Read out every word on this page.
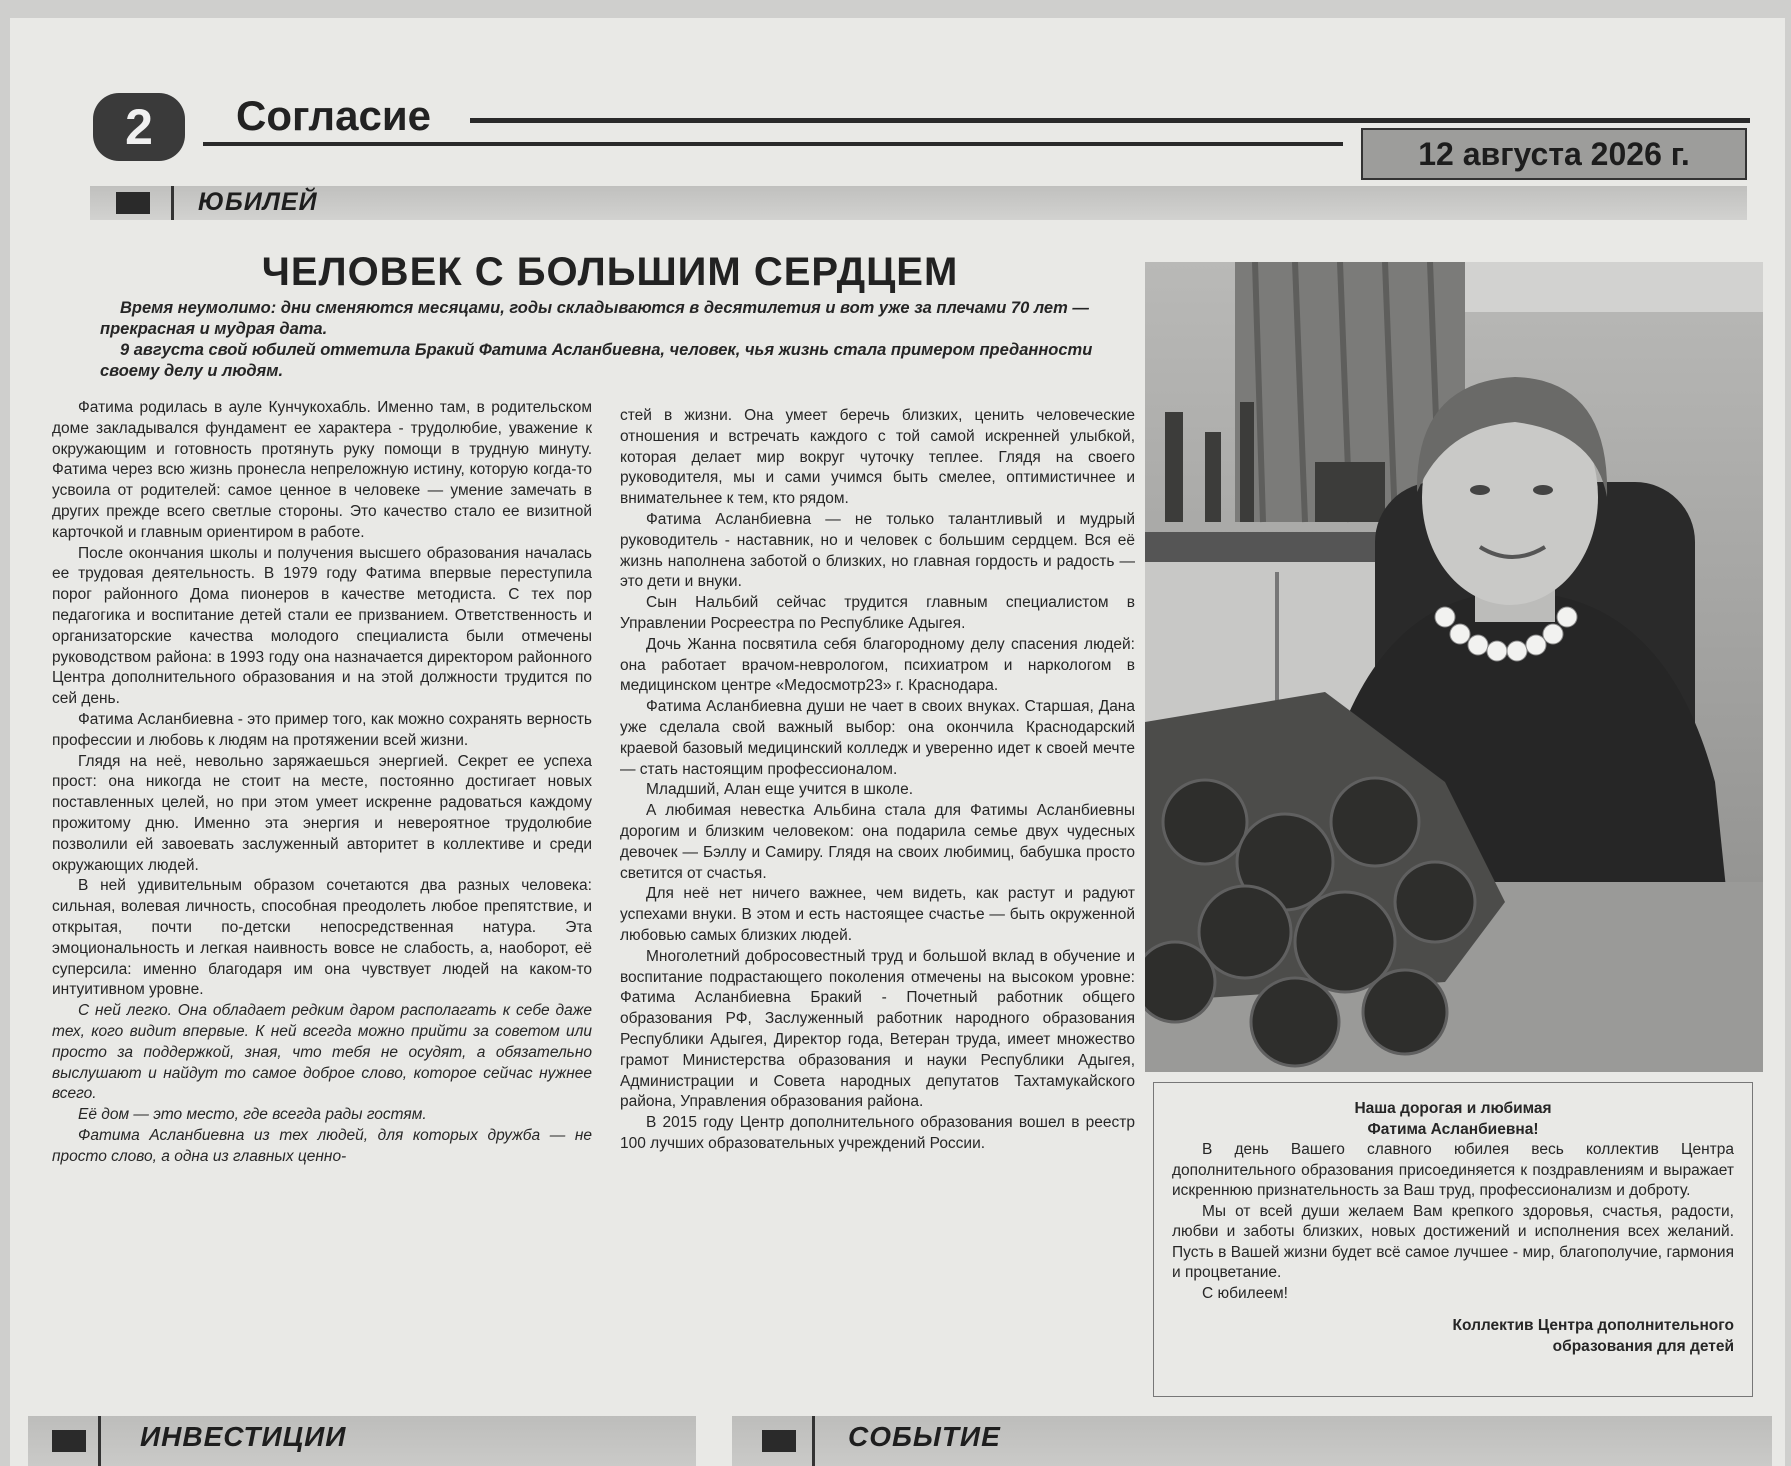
2	Согласие
12 августа 2026 г.
ЮБИЛЕЙ
ЧЕЛОВЕК С БОЛЬШИМ СЕРДЦЕМ

Время неумолимо: дни сменяются месяцами, годы складываются в десятилетия и вот уже за плечами 70 лет — прекрасная и мудрая дата.

9 августа свой юбилей отметила Бракий Фатима Асланбиевна, человек, чья жизнь стала примером преданности своему делу и людям.

Фатима родилась в ауле Кунчукохабль. Именно там, в родительском доме закладывался фундамент ее характера - трудолюбие, уважение к окружающим и готовность протянуть руку помощи в трудную минуту. Фатима через всю жизнь пронесла непреложную истину, которую когда-то усвоила от родителей: самое ценное в человеке — умение замечать в других прежде всего светлые стороны. Это качество стало ее визитной карточкой и главным ориентиром в работе.

После окончания школы и получения высшего образования началась ее трудовая деятельность. В 1979 году Фатима впервые переступила порог районного Дома пионеров в качестве методиста. С тех пор педагогика и воспитание детей стали ее призванием. Ответственность и организаторские качества молодого специалиста были отмечены руководством района: в 1993 году она назначается директором районного Центра дополнительного образования и на этой должности трудится по сей день.

Фатима Асланбиевна - это пример того, как можно сохранять верность профессии и любовь к людям на протяжении всей жизни.

Глядя на неё, невольно заряжаешься энергией. Секрет ее успеха прост: она никогда не стоит на месте, постоянно достигает новых поставленных целей, но при этом умеет искренне радоваться каждому прожитому дню. Именно эта энергия и невероятное трудолюбие позволили ей завоевать заслуженный авторитет в коллективе и среди окружающих людей.

В ней удивительным образом сочетаются два разных человека: сильная, волевая личность, способная преодолеть любое препятствие, и открытая, почти по-детски непосредственная натура. Эта эмоциональность и легкая наивность вовсе не слабость, а, наоборот, её суперсила: именно благодаря им она чувствует людей на каком-то интуитивном уровне.

С ней легко. Она обладает редким даром располагать к себе даже тех, кого видит впервые. К ней всегда можно прийти за советом или просто за поддержкой, зная, что тебя не осудят, а обязательно выслушают и найдут то самое доброе слово, которое сейчас нужнее всего.

Её дом — это место, где всегда рады гостям.

Фатима Асланбиевна из тех людей, для которых дружба — не просто слово, а одна из главных ценно-

стей в жизни. Она умеет беречь близких, ценить человеческие отношения и встречать каждого с той самой искренней улыбкой, которая делает мир вокруг чуточку теплее. Глядя на своего руководителя, мы и сами учимся быть смелее, оптимистичнее и внимательнее к тем, кто рядом.

Фатима Асланбиевна — не только талантливый и мудрый руководитель - наставник, но и человек с большим сердцем. Вся её жизнь наполнена заботой о близких, но главная гордость и радость — это дети и внуки.

Сын Нальбий сейчас трудится главным специалистом в Управлении Росреестра по Республике Адыгея.

Дочь Жанна посвятила себя благородному делу спасения людей: она работает врачом-неврологом, психиатром и наркологом в медицинском центре «Медосмотр23» г. Краснодара.

Фатима Асланбиевна души не чает в своих внуках. Старшая, Дана уже сделала свой важный выбор: она окончила Краснодарский краевой базовый медицинский колледж и уверенно идет к своей мечте — стать настоящим профессионалом.

Младший, Алан еще учится в школе.

А любимая невестка Альбина стала для Фатимы Асланбиевны дорогим и близким человеком: она подарила семье двух чудесных девочек — Бэллу и Самиру. Глядя на своих любимиц, бабушка просто светится от счастья.

Для неё нет ничего важнее, чем видеть, как растут и радуют успехами внуки. В этом и есть настоящее счастье — быть окруженной любовью самых близких людей.

Многолетний добросовестный труд и большой вклад в обучение и воспитание подрастающего поколения отмечены на высоком уровне: Фатима Асланбиевна Бракий - Почетный работник общего образования РФ, Заслуженный работник народного образования Республики Адыгея, Директор года, Ветеран труда, имеет множество грамот Министерства образования и науки Республики Адыгея, Администрации и Совета народных депутатов Тахтамукайского района, Управления образования района.

В 2015 году Центр дополнительного образования вошел в реестр 100 лучших образовательных учреждений России.

Наша дорогая и любимая
Фатима Асланбиевна!

В день Вашего славного юбилея весь коллектив Центра дополнительного образования присоединяется к поздравлениям и выражает искреннюю признательность за Ваш труд, профессионализм и доброту.

Мы от всей души желаем Вам крепкого здоровья, счастья, радости, любви и заботы близких, новых достижений и исполнения всех желаний. Пусть в Вашей жизни будет всё самое лучшее - мир, благополучие, гармония и процветание.

С юбилеем!

Коллектив Центра дополнительного
образования для детей
ИНВЕСТИЦИИ	СОБЫТИЕ
